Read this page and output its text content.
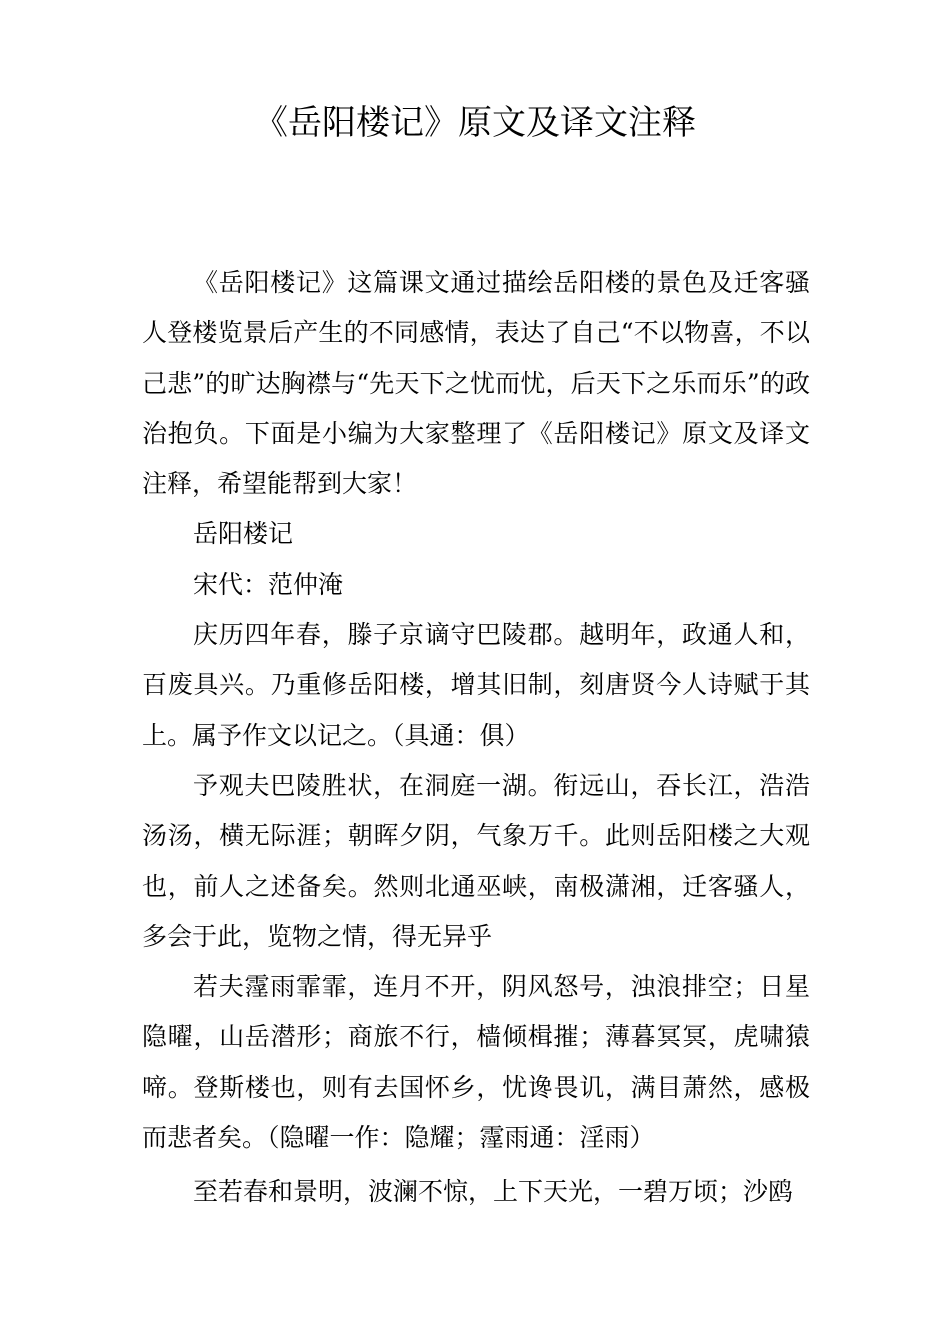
《岳阳楼记》原文及译文注释

《岳阳楼记》这篇课文通过描绘岳阳楼的景色及迁客骚人登楼览景后产生的不同感情，表达了自己“不以物喜，不以己悲”的旷达胸襟与“先天下之忧而忧，后天下之乐而乐”的政治抱负。下面是小编为大家整理了《岳阳楼记》原文及译文注释，希望能帮到大家！

岳阳楼记

宋代：范仲淹

庆历四年春，滕子京谪守巴陵郡。越明年，政通人和，百废具兴。乃重修岳阳楼，增其旧制，刻唐贤今人诗赋于其上。属予作文以记之。（具通：俱）

予观夫巴陵胜状，在洞庭一湖。衔远山，吞长江，浩浩汤汤，横无际涯；朝晖夕阴，气象万千。此则岳阳楼之大观也，前人之述备矣。然则北通巫峡，南极潇湘，迁客骚人，多会于此，览物之情，得无异乎

若夫霪雨霏霏，连月不开，阴风怒号，浊浪排空；日星隐曜，山岳潜形；商旅不行，樯倾楫摧；薄暮冥冥，虎啸猿啼。登斯楼也，则有去国怀乡，忧谗畏讥，满目萧然，感极而悲者矣。（隐曜一作：隐耀；霪雨通：淫雨）

至若春和景明，波澜不惊，上下天光，一碧万顷；沙鸥
